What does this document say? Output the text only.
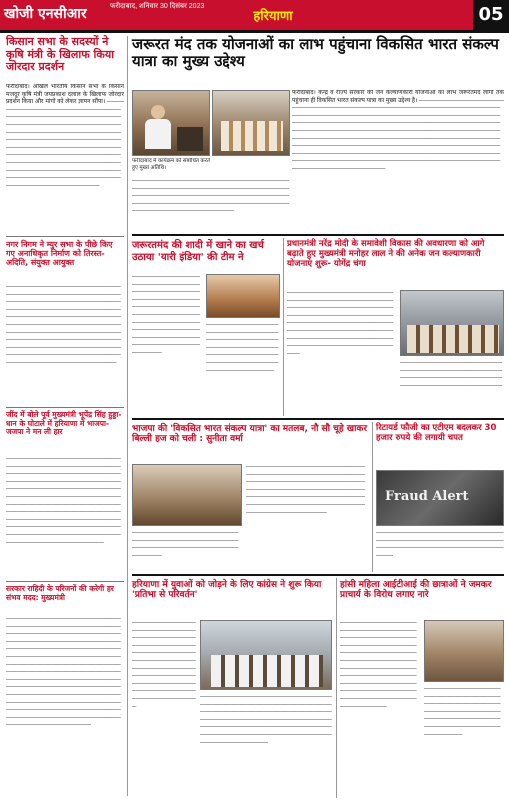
खोजी एनसीआर	फरीदाबाद, शनिवार 30 दिसंबर 2023
हरियाणा	05
किसान सभा के सदस्यों ने कृषि मंत्री के खिलाफ किया जोरदार प्रदर्शन
फरीदाबाद। अखिल भारतीय किसान सभा के किसान मजदूर कृषि मंत्री जयप्रकाश दलाल के खिलाफ जोरदार प्रदर्शन किया और मांगों को लेकर ज्ञापन सौंपा। ────────────────────────────────────────────────────────────────────────────────────────────────────────────────────────────────────────────────────────────────────────────────────────────────────────────────────────────────────────────────────────────────────────────────────────────────────────
नगर निगम ने म्युर सभा के पीछे किए गए अनाधिकृत निर्माण को तिरस्त-अदिति, संयुक्त आयुक्त
────────────────────────────────────────────────────────────────────────────────────────────────────────────────────────────────────────────────────────────────────────────────────────────────────────────────────────────────────────────────────────────────────────────────────────────────────────
जींद में बोले पूर्व मुख्यमंत्री भूपेंद्र सिंह हुड्डा-धान के घोटाले में हरियाणा में भाजपा-जजपा ने मन ली हार
────────────────────────────────────────────────────────────────────────────────────────────────────────────────────────────────────────────────────────────────────────────────────────────────────────────────────────────────────────────────────────────────────────────────────────────────────────────────────────────────
सरकार राहिदी के परिजनों की करेगी हर संभव मदद: मुख्यमंत्री
──────────────────────────────────────────────────────────────────────────────────────────────────────────────────────────────────────────────────────────────────────────────────────────────────────────────────────────────────────────────────────────────────────────────────────────────────────────────────────────────────────────────────────────────────────────────────────────────────────────────
जरूरत मंद तक योजनाओं का लाभ पहुंचाना विकसित भारत संकल्प यात्रा का मुख्य उद्देश्य
फरीदाबाद में कार्यक्रम को संबोधित करते हुए मुख्य अतिथि।
फरीदाबाद। केन्द्र व राज्य सरकार की जन कल्याणकारी योजनाओं का लाभ जरूरतमंद लोगों तक पहुंचाना ही विकसित भारत संकल्प यात्रा का मुख्य उद्देश्य है। ──────────────────────────────────────────────────────────────────────────────────────────────────────────────────────────────────────────────────────────────────────────────────────────────────────────────────────────────────────────────────────────────────────────────────────────────────────────────────────────────────────────────────────────────────────────────────────────────────────────────────────────────────────────────────
────────────────────────────────────────────────────────────────────────────────────────────────────────────────────────────────────────────────────────────────────────────
जरूरतमंद की शादी में खाने का खर्च उठाया 'यारी इंडिया' की टीम ने
───────────────────────────────────────────────────────────────────────────────────────────────────────────────────────────────────────────────────────────────────────
──────────────────────────────────────────────────────────────────────────────────────────────────────────────────────
प्रधानमंत्री नरेंद्र मोदी के समावेशी विकास की अवधारणा को आगे बढ़ाते हुए मुख्यमंत्री मनोहर लाल ने की अनेक जन कल्याणकारी योजनाएं शुरू- योगेंद्र चंगा
───────────────────────────────────────────────────────────────────────────────────────────────────────────────────────────────────────────────────────────────────────────────────────────────────────────
────────────────────────────────────────────────────────────────────────────────────────────────
भाजपा की 'विकसित भारत संकल्प यात्रा' का मतलब, नौ सौ चूहे खाकर बिल्ली हज को चली : सुनीता वर्मा
──────────────────────────────────────────────────────────────────────────────────
───────────────────────────────────────────────────────────────────────────────────────────────────────────────────────────────────────────────────────────────────────────────────────────
रिटायर्ड फौजी का एटीएम बदलकर 30 हजार रुपये की लगायी चपत
Fraud Alert
──────────────────────────────────────────────────────────────────────────────────────────────
हरियाणा में युवाओं को जोड़ने के लिए कांग्रेस ने शुरू किया 'प्रतिभा से परिवर्तन'
──────────────────────────────────────────────────────────────────────────────────────────────────────────────────────────────────────────────────────────────────────
──────────────────────────────────────────────────────────────────────────────────────────────────────────────────────────────────────────────────────────────────────────────────────────────────────────
हांसी महिला आईटीआई की छात्राओं ने जमकर प्राचार्य के विरोध लगाए नारे
─────────────────────────────────────────────────────────────────────────────────────────────────────────────────────────────────────────────────────────────────────────────────────────────────────────────────
─────────────────────────────────────────────────────────────────────────────────────────────────────────────────────
